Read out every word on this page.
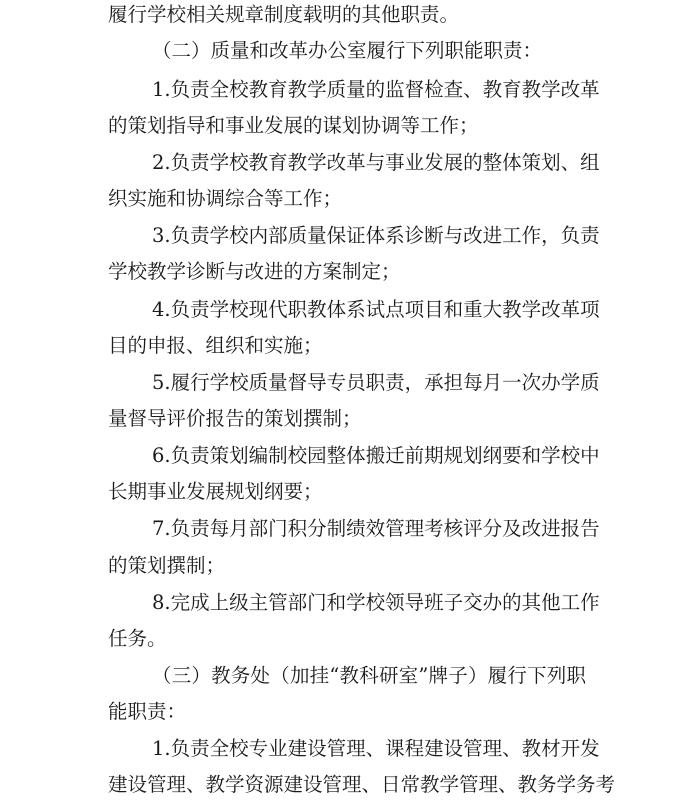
履行学校相关规章制度载明的其他职责。
（二）质量和改革办公室履行下列职能职责：
1.负责全校教育教学质量的监督检查、教育教学改革
的策划指导和事业发展的谋划协调等工作；
2.负责学校教育教学改革与事业发展的整体策划、组
织实施和协调综合等工作；
3.负责学校内部质量保证体系诊断与改进工作，负责
学校教学诊断与改进的方案制定；
4.负责学校现代职教体系试点项目和重大教学改革项
目的申报、组织和实施；
5.履行学校质量督导专员职责，承担每月一次办学质
量督导评价报告的策划撰制；
6.负责策划编制校园整体搬迁前期规划纲要和学校中
长期事业发展规划纲要；
7.负责每月部门积分制绩效管理考核评分及改进报告
的策划撰制；
8.完成上级主管部门和学校领导班子交办的其他工作
任务。
（三）教务处（加挂“教科研室”牌子）履行下列职
能职责：
1.负责全校专业建设管理、课程建设管理、教材开发
建设管理、教学资源建设管理、日常教学管理、教务学务考
